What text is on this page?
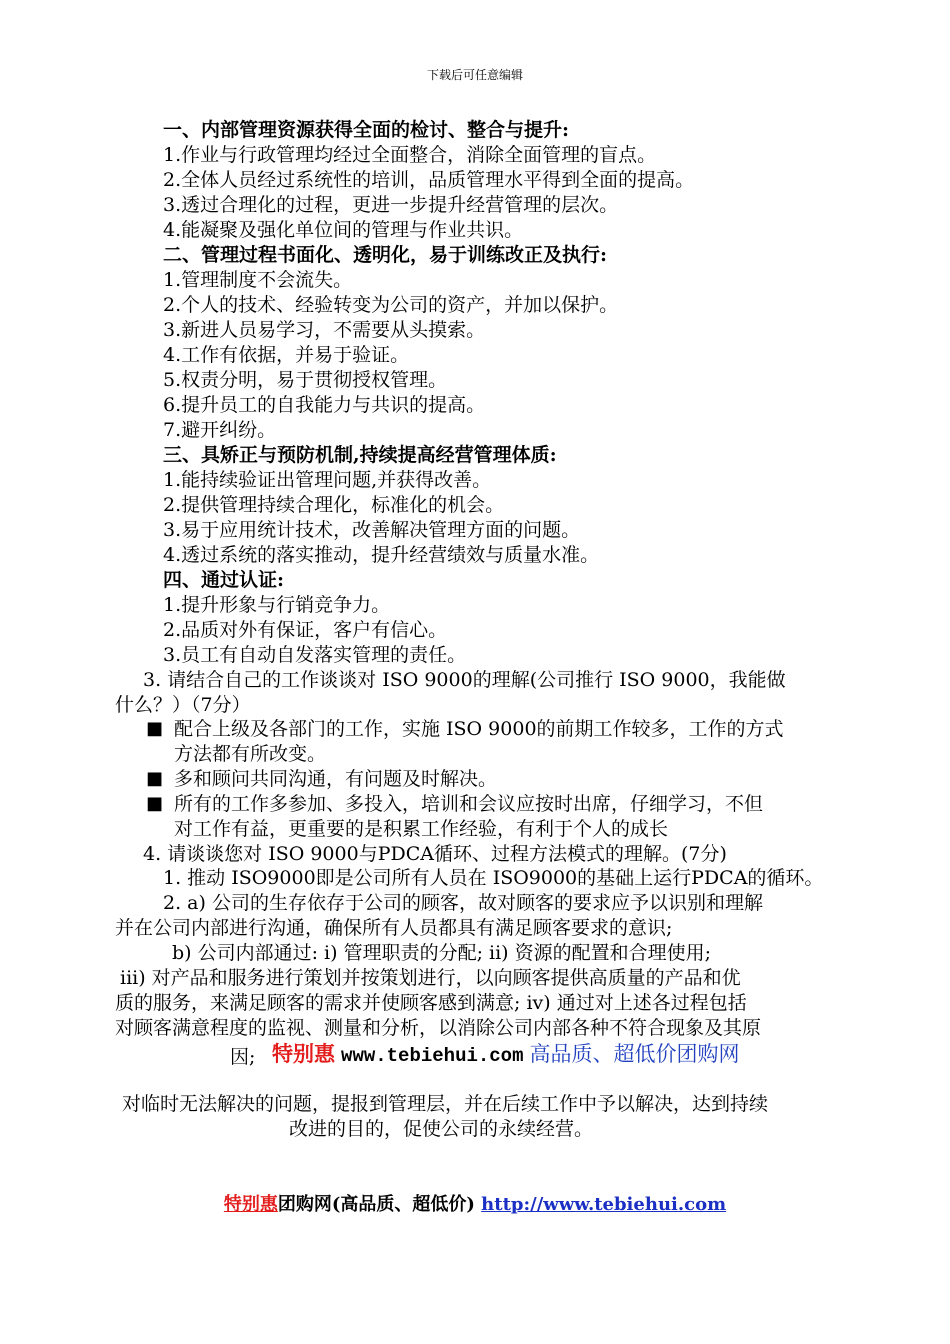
下载后可任意编辑
一、内部管理资源获得全面的检讨、整合与提升:
1.作业与行政管理均经过全面整合，消除全面管理的盲点。
2.全体人员经过系统性的培训，品质管理水平得到全面的提高。
3.透过合理化的过程，更进一步提升经营管理的层次。
4.能凝聚及强化单位间的管理与作业共识。
二、管理过程书面化、透明化，易于训练改正及执行:
1.管理制度不会流失。
2.个人的技术、经验转变为公司的资产，并加以保护。
3.新进人员易学习，不需要从头摸索。
4.工作有依据，并易于验证。
5.权责分明，易于贯彻授权管理。
6.提升员工的自我能力与共识的提高。
7.避开纠纷。
三、具矫正与预防机制,持续提高经营管理体质:
1.能持续验证出管理问题,并获得改善。
2.提供管理持续合理化，标准化的机会。
3.易于应用统计技术，改善解决管理方面的问题。
4.透过系统的落实推动，提升经营绩效与质量水准。
四、通过认证:
1.提升形象与行销竞争力。
2.品质对外有保证，客户有信心。
3.员工有自动自发落实管理的责任。
3. 请结合自己的工作谈谈对 ISO 9000的理解(公司推行 ISO 9000，我能做
什么？）（7分）
■ 配合上级及各部门的工作，实施 ISO 9000的前期工作较多，工作的方式
方法都有所改变。
■ 多和顾问共同沟通，有问题及时解决。
■ 所有的工作多参加、多投入，培训和会议应按时出席，仔细学习，不但
对工作有益，更重要的是积累工作经验，有利于个人的成长
4. 请谈谈您对 ISO 9000与PDCA循环、过程方法模式的理解。(7分)
1. 推动 ISO9000即是公司所有人员在 ISO9000的基础上运行PDCA的循环。
2. a) 公司的生存依存于公司的顾客，故对顾客的要求应予以识别和理解
并在公司内部进行沟通，确保所有人员都具有满足顾客要求的意识;
b) 公司内部通过: i) 管理职责的分配; ii) 资源的配置和合理使用;
iii) 对产品和服务进行策划并按策划进行，以向顾客提供高质量的产品和优
质的服务，来满足顾客的需求并使顾客感到满意; iv) 通过对上述各过程包括
对顾客满意程度的监视、测量和分析，以消除公司内部各种不符合现象及其原
因; 特别惠 www.tebiehui.com 高品质、超低价团购网
对临时无法解决的问题，提报到管理层，并在后续工作中予以解决，达到持续
改进的目的，促使公司的永续经营。
特别惠团购网(高品质、超低价) http://www.tebiehui.com
